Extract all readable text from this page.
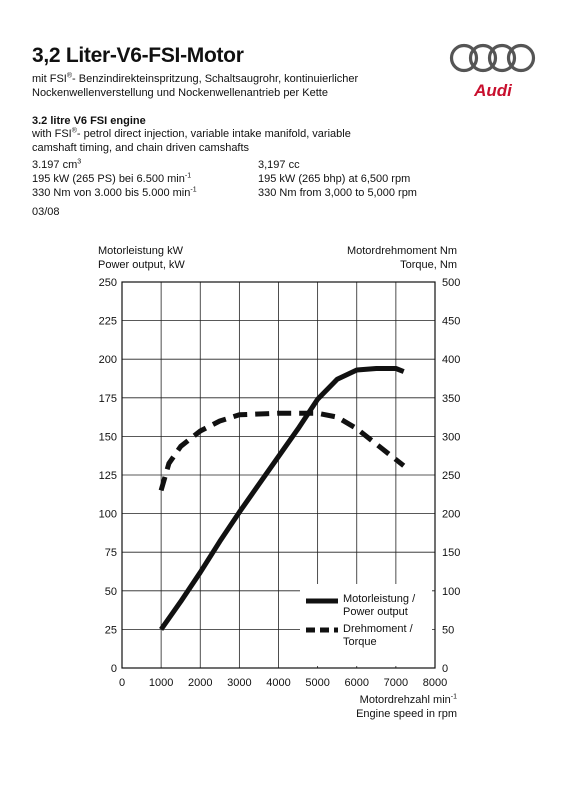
3,2 Liter-V6-FSI-Motor
mit FSI®- Benzindirekteinspritzung, Schaltsaugrohr, kontinuierlicher
Nockenwellenverstellung und Nockenwellenantrieb per Kette
3.2 litre V6 FSI engine
with FSI®- petrol direct injection, variable intake manifold, variable
camshaft timing, and chain driven camshafts
3.197 $cm^3$
195 kW (265 PS) bei 6.500 $\min^{-1}$
330 Nm von 3.000 bis 5.000 $\min^{-1}$
3,197 cc
195 kW (265 bhp) at 6,500 rpm
330 Nm from 3,000 to 5,000 rpm
03/08
Audi
Motorleistung kW
Power output, kW
Motordrehmoment Nm
Torque, Nm
Motordrehzahl $\min^{-1}$
Engine speed in rpm
0
25
50
75
100
125
150
175
200
225
250
0
50
100
150
200
250
300
350
400
450
500
0 1000 2000 3000 4000 5000 6000 7000 8000
Motorleistung /
Power output
Drehmoment /
Torque
